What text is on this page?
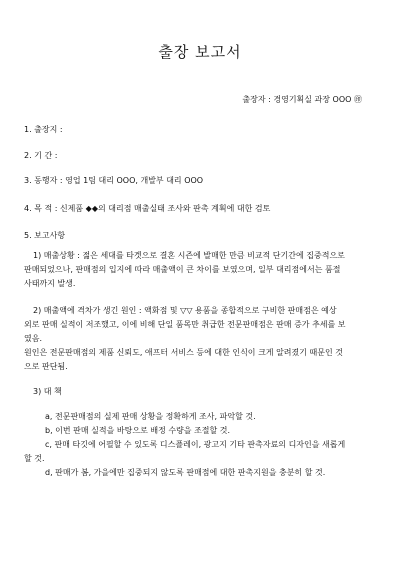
출장 보고서
출장자 : 경영기획실 과장 OOO ㊞
1. 출장지 :
2. 기 간 :
3. 동행자 : 영업 1팀 대리 OOO, 개발부 대리 OOO
4. 목 적 : 신제품 ◆◆의 대리점 매출실태 조사와 판촉 계획에 대한 검토
5. 보고사항

1) 매출상황 : 젊은 세대를 타겟으로 결혼 시즌에 발매한 만큼 비교적 단기간에 집중적으로

판매되었으나, 판매점의 입지에 따라 매출액이 큰 차이를 보였으며, 일부 대리점에서는 품절

사태까지 발생.

2) 매출액에 격차가 생긴 원인 : 액화점 및 ▽▽ 용품을 종합적으로 구비한 판매점은 예상

외로 판매 실적이 저조했고, 이에 비해 단일 품목만 취급한 전문판매점은 판매 증가 추세를 보

였음.

원인은 전문판매점의 제품 신뢰도, 애프터 서비스 등에 대한 인식이 크게 알려졌기 때문인 것

으로 판단됨.

3) 대 책
a, 전문판매점의 실제 판매 상황을 정확하게 조사, 파악할 것.
b, 이번 판매 실적을 바탕으로 배정 수량을 조절할 것.
c, 판매 타깃에 어필할 수 있도록 디스플레이, 광고지 기타 판촉자료의 디자인을 새롭게
할 것.
d, 판매가 봄, 가을에만 집중되지 않도록 판매점에 대한 판촉지원을 충분히 할 것.
